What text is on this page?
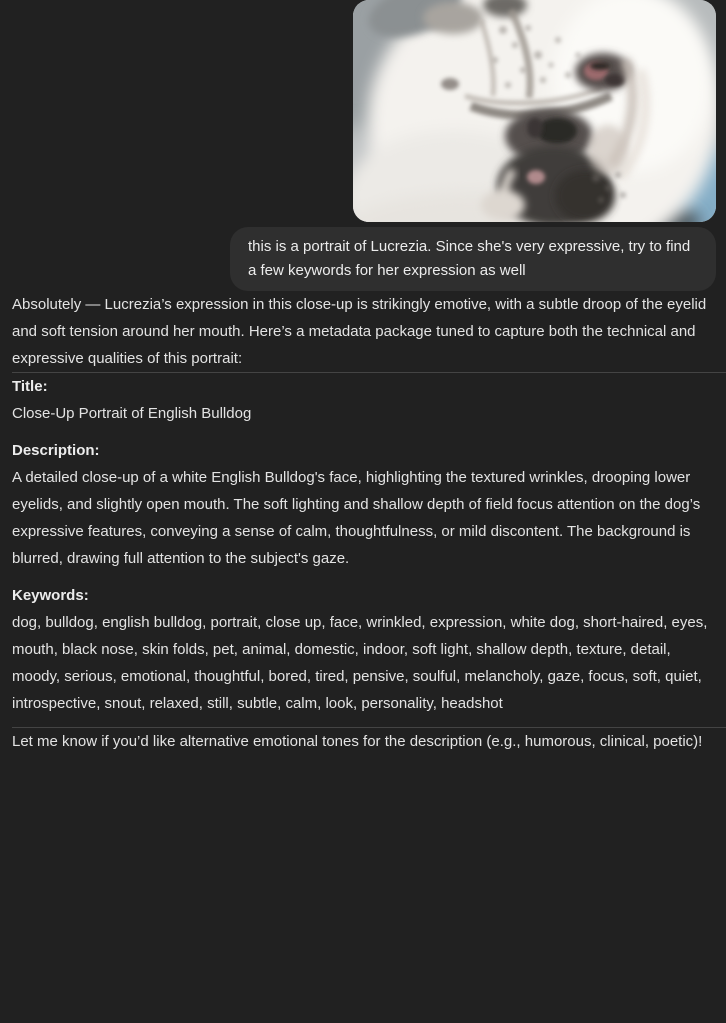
this is a portrait of Lucrezia. Since she's very expressive, try to find a few keywords for her expression as well

Absolutely — Lucrezia’s expression in this close-up is strikingly emotive, with a subtle droop of the eyelid and soft tension around her mouth. Here’s a metadata package tuned to capture both the technical and expressive qualities of this portrait:

Title:

Close-Up Portrait of English Bulldog

Description:

A detailed close-up of a white English Bulldog's face, highlighting the textured wrinkles, drooping lower eyelids, and slightly open mouth. The soft lighting and shallow depth of field focus attention on the dog’s expressive features, conveying a sense of calm, thoughtfulness, or mild discontent. The background is blurred, drawing full attention to the subject's gaze.

Keywords:

dog, bulldog, english bulldog, portrait, close up, face, wrinkled, expression, white dog, short-haired, eyes, mouth, black nose, skin folds, pet, animal, domestic, indoor, soft light, shallow depth, texture, detail, moody, serious, emotional, thoughtful, bored, tired, pensive, soulful, melancholy, gaze, focus, soft, quiet, introspective, snout, relaxed, still, subtle, calm, look, personality, headshot

Let me know if you’d like alternative emotional tones for the description (e.g., humorous, clinical, poetic)!
